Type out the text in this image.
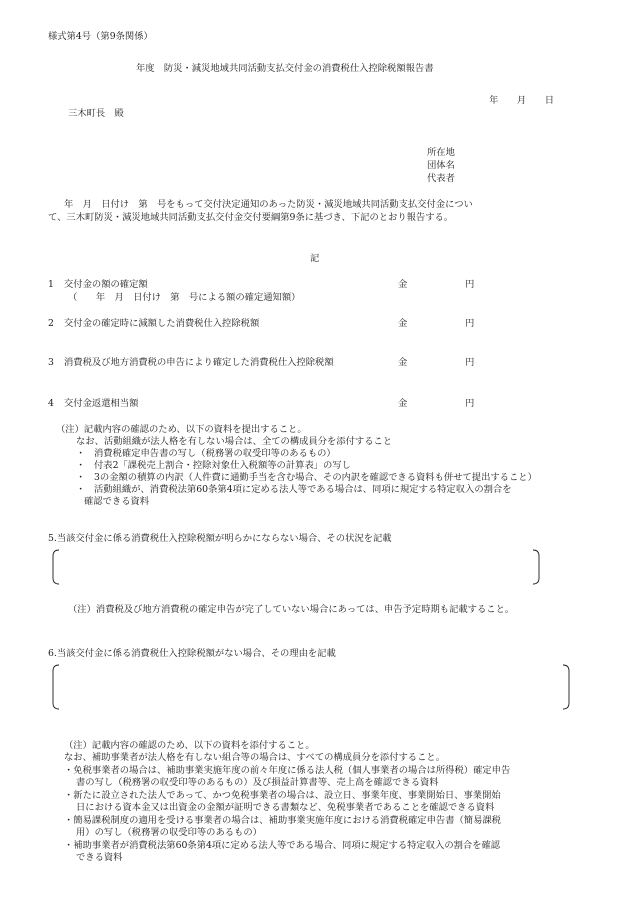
様式第4号（第9条関係）
年度　防災・減災地域共同活動支払交付金の消費税仕入控除税額報告書
年　　月　　日
三木町長　殿
所在地
団体名
代表者
年　月　日付け　第　号をもって交付決定通知のあった防災・減災地域共同活動支払交付金につい
て、三木町防災・減災地域共同活動支払交付金交付要綱第9条に基づき、下記のとおり報告する。
記
1 交付金の額の確定額	金	円
（　　年　月　日付け　第　号による額の確定通知額）
2 交付金の確定時に減額した消費税仕入控除税額	金	円
3 消費税及び地方消費税の申告により確定した消費税仕入控除税額	金	円
4 交付金返還相当額	金	円
（注）記載内容の確認のため、以下の資料を提出すること。
なお、活動組織が法人格を有しない場合は、全ての構成員分を添付すること
・ 消費税確定申告書の写し（税務署の収受印等のあるもの）
・ 付表2「課税売上割合・控除対象仕入税額等の計算表」の写し
・ 3の金額の積算の内訳（人件費に通勤手当を含む場合、その内訳を確認できる資料も併せて提出すること）
・ 活動組織が、消費税法第60条第4項に定める法人等である場合は、同項に規定する特定収入の割合を
確認できる資料
5.当該交付金に係る消費税仕入控除税額が明らかにならない場合、その状況を記載
（注）消費税及び地方消費税の確定申告が完了していない場合にあっては、申告予定時期も記載すること。
6.当該交付金に係る消費税仕入控除税額がない場合、その理由を記載
（注）記載内容の確認のため、以下の資料を添付すること。
なお、補助事業者が法人格を有しない組合等の場合は、すべての構成員分を添付すること。
・免税事業者の場合は、補助事業実施年度の前々年度に係る法人税（個人事業者の場合は所得税）確定申告
書の写し（税務署の収受印等のあるもの）及び損益計算書等、売上高を確認できる資料
・新たに設立された法人であって、かつ免税事業者の場合は、設立日、事業年度、事業開始日、事業開始
日における資本金又は出資金の金額が証明できる書類など、免税事業者であることを確認できる資料
・簡易課税制度の適用を受ける事業者の場合は、補助事業実施年度における消費税確定申告書（簡易課税
用）の写し（税務署の収受印等のあるもの）
・補助事業者が消費税法第60条第4項に定める法人等である場合、同項に規定する特定収入の割合を確認
できる資料
